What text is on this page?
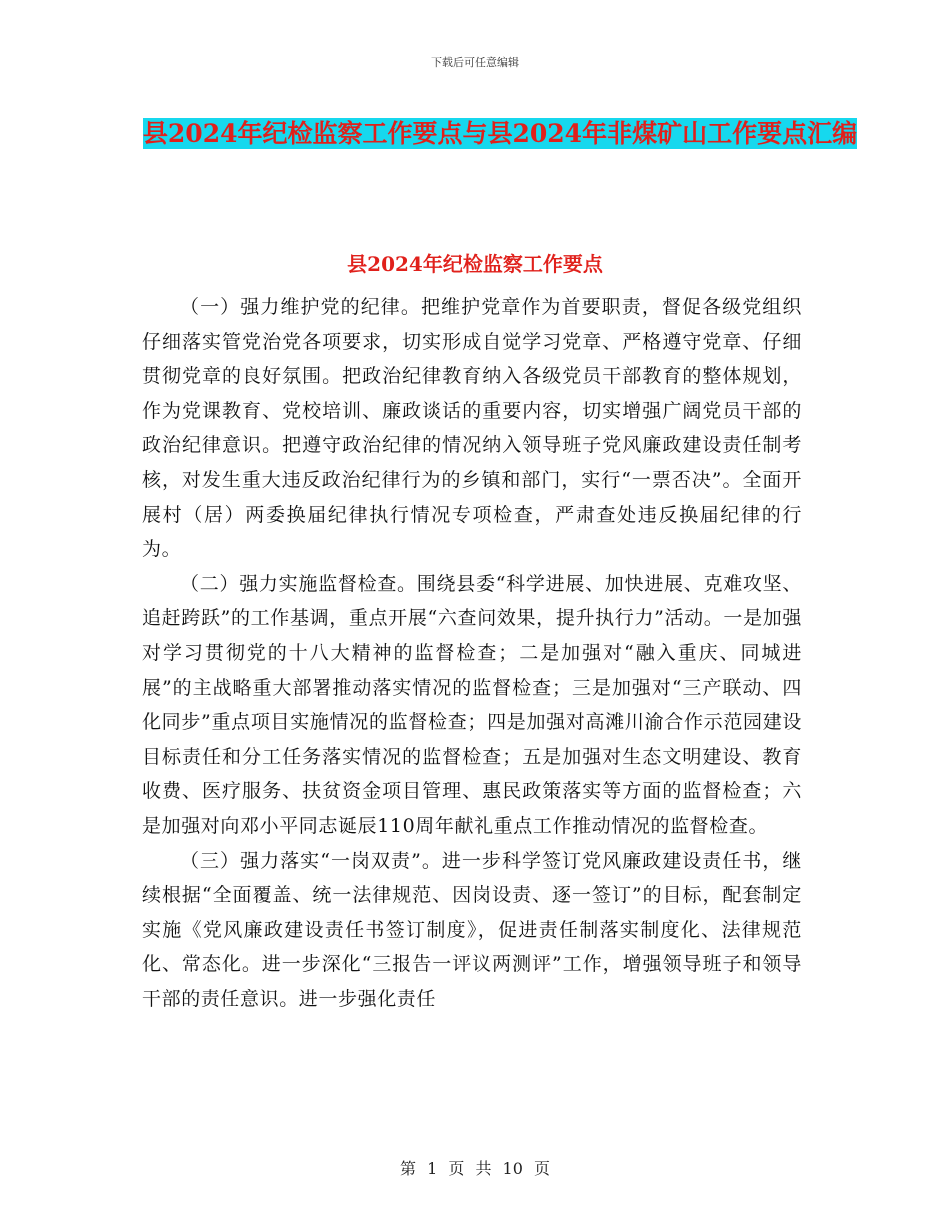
下载后可任意编辑
县2024年纪检监察工作要点与县2024年非煤矿山工作要点汇编
县2024年纪检监察工作要点

（一）强力维护党的纪律。把维护党章作为首要职责，督促各级党组织仔细落实管党治党各项要求，切实形成自觉学习党章、严格遵守党章、仔细贯彻党章的良好氛围。把政治纪律教育纳入各级党员干部教育的整体规划，作为党课教育、党校培训、廉政谈话的重要内容，切实增强广阔党员干部的政治纪律意识。把遵守政治纪律的情况纳入领导班子党风廉政建设责任制考核，对发生重大违反政治纪律行为的乡镇和部门，实行“一票否决”。全面开展村（居）两委换届纪律执行情况专项检查，严肃查处违反换届纪律的行为。

（二）强力实施监督检查。围绕县委“科学进展、加快进展、克难攻坚、追赶跨跃”的工作基调，重点开展“六查问效果，提升执行力”活动。一是加强对学习贯彻党的十八大精神的监督检查；二是加强对“融入重庆、同城进展”的主战略重大部署推动落实情况的监督检查；三是加强对“三产联动、四化同步”重点项目实施情况的监督检查；四是加强对高滩川渝合作示范园建设目标责任和分工任务落实情况的监督检查；五是加强对生态文明建设、教育收费、医疗服务、扶贫资金项目管理、惠民政策落实等方面的监督检查；六是加强对向邓小平同志诞辰110周年献礼重点工作推动情况的监督检查。

（三）强力落实“一岗双责”。进一步科学签订党风廉政建设责任书，继续根据“全面覆盖、统一法律规范、因岗设责、逐一签订”的目标，配套制定实施《党风廉政建设责任书签订制度》，促进责任制落实制度化、法律规范化、常态化。进一步深化“三报告一评议两测评”工作，增强领导班子和领导干部的责任意识。进一步强化责任

第 1 页 共 10 页
